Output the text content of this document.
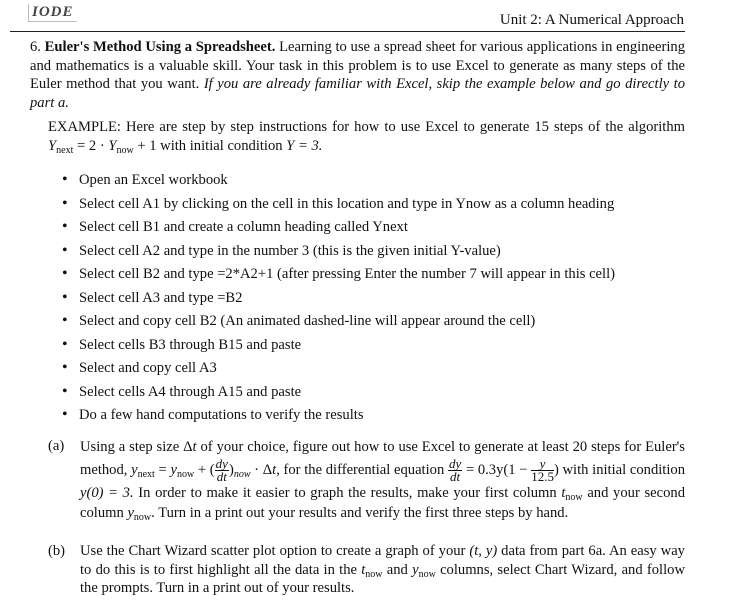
IODE	Unit 2: A Numerical Approach
6. Euler's Method Using a Spreadsheet. Learning to use a spread sheet for various applications in engineering and mathematics is a valuable skill. Your task in this problem is to use Excel to generate as many steps of the Euler method that you want. If you are already familiar with Excel, skip the example below and go directly to part a.
EXAMPLE: Here are step by step instructions for how to use Excel to generate 15 steps of the algorithm $Y_{next} = 2 \cdot Y_{now} + 1$ with initial condition Y = 3.
• Open an Excel workbook
• Select cell A1 by clicking on the cell in this location and type in Ynow as a column heading
• Select cell B1 and create a column heading called Ynext
• Select cell A2 and type in the number 3 (this is the given initial Y-value)
• Select cell B2 and type =2*A2+1 (after pressing Enter the number 7 will appear in this cell)
• Select cell A3 and type =B2
• Select and copy cell B2 (An animated dashed-line will appear around the cell)
• Select cells B3 through B15 and paste
• Select and copy cell A3
• Select cells A4 through A15 and paste
• Do a few hand computations to verify the results
(a) Using a step size Δt of your choice, figure out how to use Excel to generate at least 20 steps for Euler's method, $y_{next} = y_{now}$ + ( $\frac{dy}{dt} )_{now} \cdot \Delta t$, for the differential equation $\frac{dy}{dt} = 0.3y(1 - \frac{y}{12.5}$ ) with initial condition y(0) = 3. In order to make it easier to graph the results, make your first column $t_{now}$ and your second column $y_{now}$. Turn in a print out your results and verify the first three steps by hand.
(b) Use the Chart Wizard scatter plot option to create a graph of your (t, y) data from part 6a. An easy way to do this is to first highlight all the data in the $t_{now}$ and $y_{now}$ columns, select Chart Wizard, and follow the prompts. Turn in a print out of your results.
